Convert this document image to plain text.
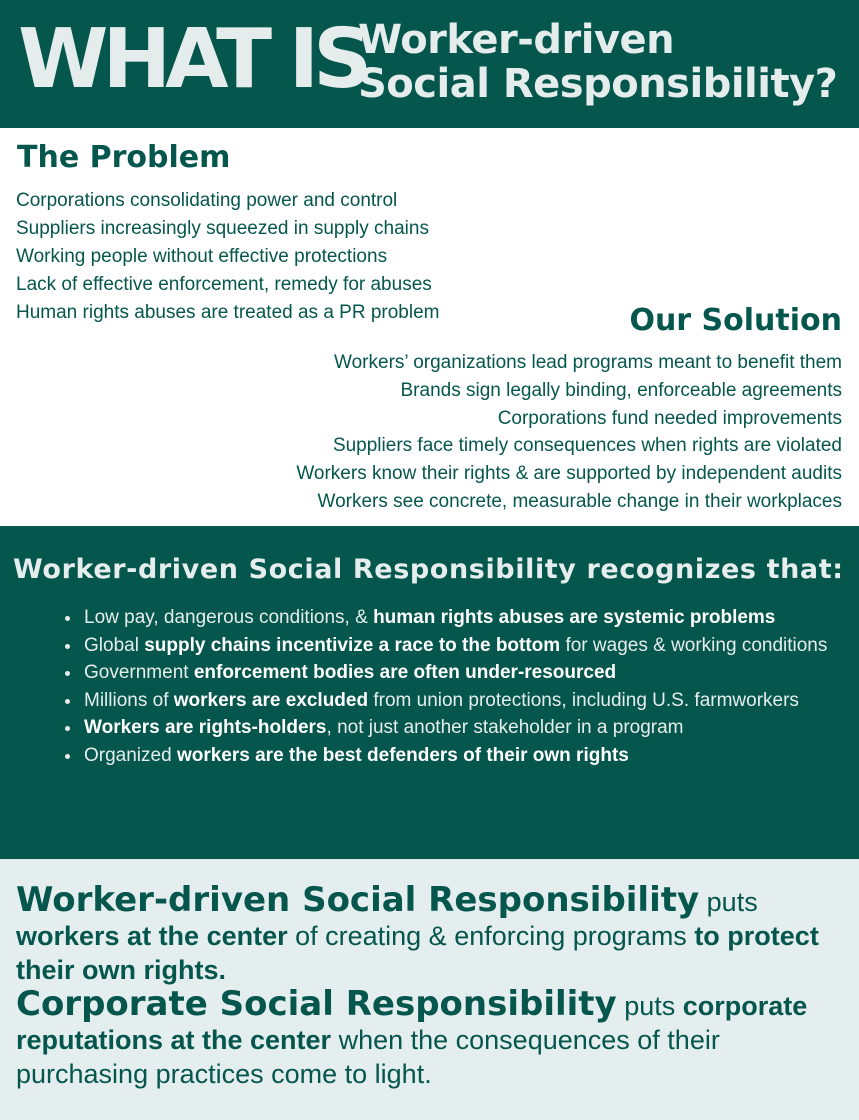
WHAT IS
Worker-driven
Social Responsibility?
The Problem
Corporations consolidating power and control
Suppliers increasingly squeezed in supply chains
Working people without effective protections
Lack of effective enforcement, remedy for abuses
Human rights abuses are treated as a PR problem	Our Solution
Workers’ organizations lead programs meant to benefit them
Brands sign legally binding, enforceable agreements
Corporations fund needed improvements
Suppliers face timely consequences when rights are violated
Workers know their rights & are supported by independent audits
Workers see concrete, measurable change in their workplaces
Worker-driven Social Responsibility recognizes that:
Low pay, dangerous conditions, & human rights abuses are systemic problems
Global supply chains incentivize a race to the bottom for wages & working conditions
Government enforcement bodies are often under-resourced
Millions of workers are excluded from union protections, including U.S. farmworkers
Workers are rights-holders, not just another stakeholder in a program
Organized workers are the best defenders of their own rights
Worker-driven Social Responsibility puts workers at the center of creating & enforcing programs to protect their own rights.
Corporate Social Responsibility puts corporate reputations at the center when the consequences of their purchasing practices come to light.
